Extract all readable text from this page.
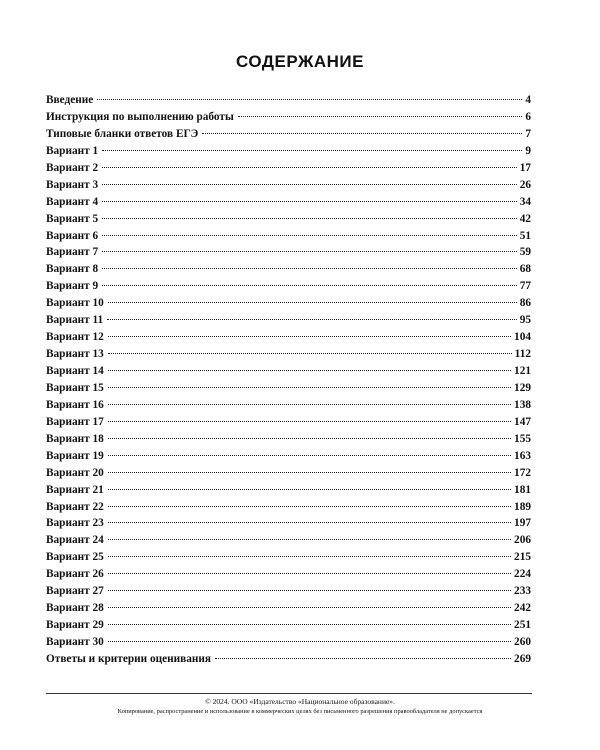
СОДЕРЖАНИЕ
Введение	4
Инструкция по выполнению работы	6
Типовые бланки ответов ЕГЭ	7
Вариант 1	9
Вариант 2	17
Вариант 3	26
Вариант 4	34
Вариант 5	42
Вариант 6	51
Вариант 7	59
Вариант 8	68
Вариант 9	77
Вариант 10	86
Вариант 11	95
Вариант 12	104
Вариант 13	112
Вариант 14	121
Вариант 15	129
Вариант 16	138
Вариант 17	147
Вариант 18	155
Вариант 19	163
Вариант 20	172
Вариант 21	181
Вариант 22	189
Вариант 23	197
Вариант 24	206
Вариант 25	215
Вариант 26	224
Вариант 27	233
Вариант 28	242
Вариант 29	251
Вариант 30	260
Ответы и критерии оценивания	269
© 2024. ООО «Издательство «Национальное образование».
Копирование, распространение и использование в коммерческих целях без письменного разрешения правообладателя не допускается
